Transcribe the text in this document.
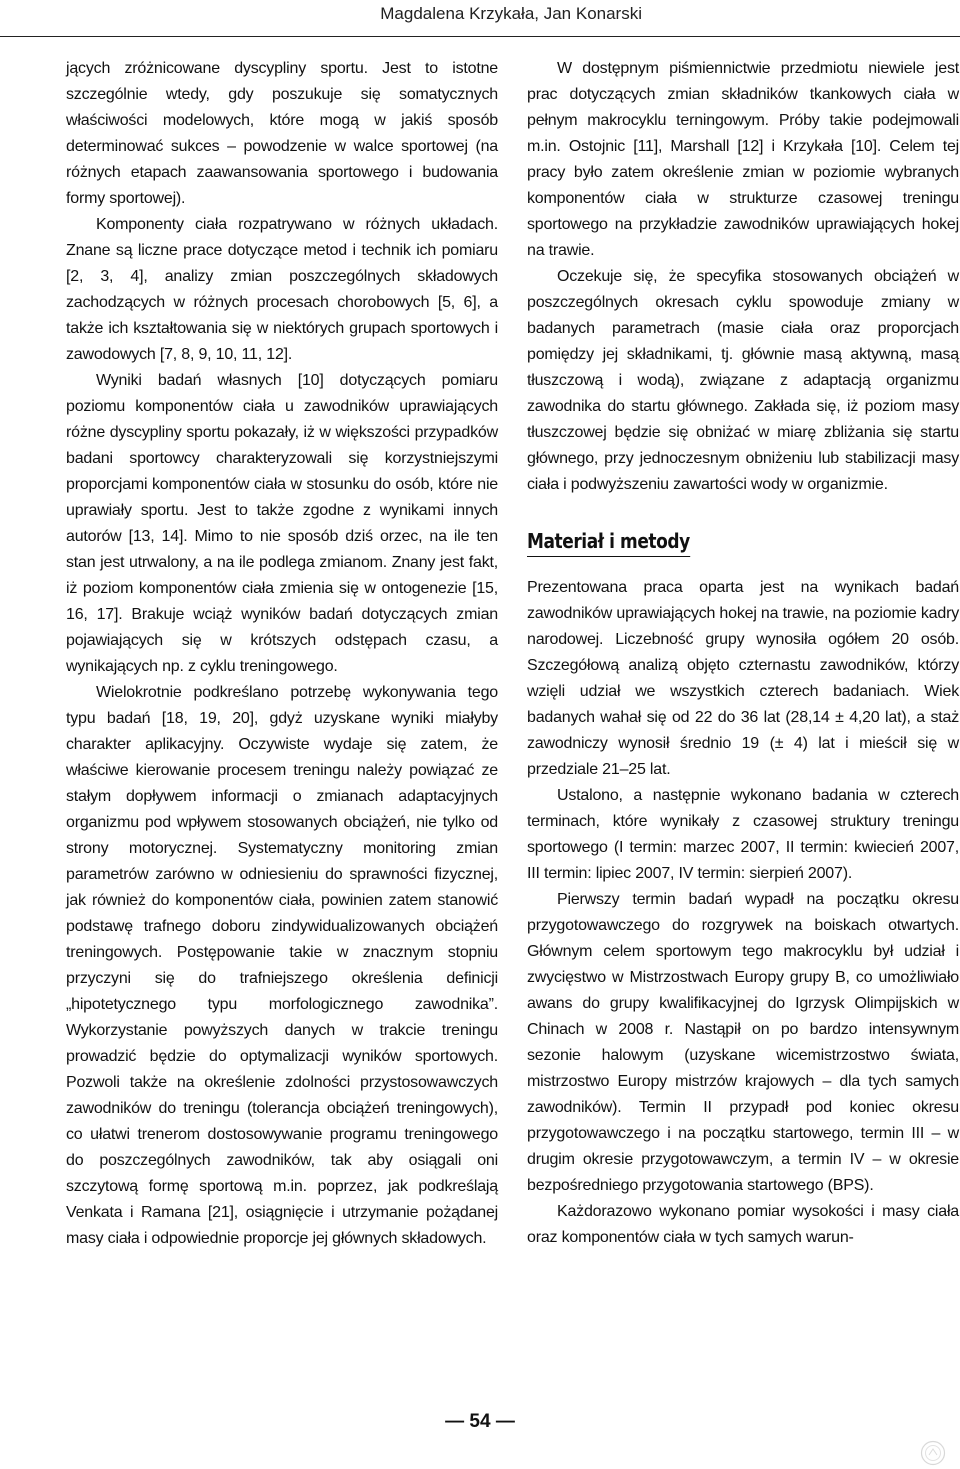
Magdalena Krzykała, Jan Konarski

jących zróżnicowane dyscypliny sportu. Jest to istotne szczególnie wtedy, gdy poszukuje się somatycznych właściwości modelowych, które mogą w jakiś sposób determinować sukces – powodzenie w walce sportowej (na różnych etapach zaawansowania sportowego i budowania formy sportowej).

Komponenty ciała rozpatrywano w różnych układach. Znane są liczne prace dotyczące metod i technik ich pomiaru [2, 3, 4], analizy zmian poszczególnych składowych zachodzących w różnych procesach chorobowych [5, 6], a także ich kształtowania się w niektórych grupach sportowych i zawodowych [7, 8, 9, 10, 11, 12].

Wyniki badań własnych [10] dotyczących pomiaru poziomu komponentów ciała u zawodników uprawiających różne dyscypliny sportu pokazały, iż w większości przypadków badani sportowcy charakteryzowali się korzystniejszymi proporcjami komponentów ciała w stosunku do osób, które nie uprawiały sportu. Jest to także zgodne z wynikami innych autorów [13, 14]. Mimo to nie sposób dziś orzec, na ile ten stan jest utrwalony, a na ile podlega zmianom. Znany jest fakt, iż poziom komponentów ciała zmienia się w ontogenezie [15, 16, 17]. Brakuje wciąż wyników badań dotyczących zmian pojawiających się w krótszych odstępach czasu, a wynikających np. z cyklu treningowego.

Wielokrotnie podkreślano potrzebę wykonywania tego typu badań [18, 19, 20], gdyż uzyskane wyniki miałyby charakter aplikacyjny. Oczywiste wydaje się zatem, że właściwe kierowanie procesem treningu należy powiązać ze stałym dopływem informacji o zmianach adaptacyjnych organizmu pod wpływem stosowanych obciążeń, nie tylko od strony motorycznej. Systematyczny monitoring zmian parametrów zarówno w odniesieniu do sprawności fizycznej, jak również do komponentów ciała, powinien zatem stanowić podstawę trafnego doboru zindywidualizowanych obciążeń treningowych. Postępowanie takie w znacznym stopniu przyczyni się do trafniejszego określenia definicji „hipotetycznego typu morfologicznego zawodnika”. Wykorzystanie powyższych danych w trakcie treningu prowadzić będzie do optymalizacji wyników sportowych. Pozwoli także na określenie zdolności przystosowawczych zawodników do treningu (tolerancja obciążeń treningowych), co ułatwi trenerom dostosowywanie programu treningowego do poszczególnych zawodników, tak aby osiągali oni szczytową formę sportową m.in. poprzez, jak podkreślają Venkata i Ramana [21], osiągnięcie i utrzymanie pożądanej masy ciała i odpowiednie proporcje jej głównych składowych.

W dostępnym piśmiennictwie przedmiotu niewiele jest prac dotyczących zmian składników tkankowych ciała w pełnym makrocyklu terningowym. Próby takie podejmowali m.in. Ostojnic [11], Marshall [12] i Krzykała [10]. Celem tej pracy było zatem określenie zmian w poziomie wybranych komponentów ciała w strukturze czasowej treningu sportowego na przykładzie zawodników uprawiających hokej na trawie.

Oczekuje się, że specyfika stosowanych obciążeń w poszczególnych okresach cyklu spowoduje zmiany w badanych parametrach (masie ciała oraz proporcjach pomiędzy jej składnikami, tj. głównie masą aktywną, masą tłuszczową i wodą), związane z adaptacją organizmu zawodnika do startu głównego. Zakłada się, iż poziom masy tłuszczowej będzie się obniżać w miarę zbliżania się startu głównego, przy jednoczesnym obniżeniu lub stabilizacji masy ciała i podwyższeniu zawartości wody w organizmie.

Materiał i metody

Prezentowana praca oparta jest na wynikach badań zawodników uprawiających hokej na trawie, na poziomie kadry narodowej. Liczebność grupy wynosiła ogółem 20 osób. Szczegółową analizą objęto czternastu zawodników, którzy wzięli udział we wszystkich czterech badaniach. Wiek badanych wahał się od 22 do 36 lat (28,14 ± 4,20 lat), a staż zawodniczy wynosił średnio 19 (± 4) lat i mieścił się w przedziale 21–25 lat.

Ustalono, a następnie wykonano badania w czterech terminach, które wynikały z czasowej struktury treningu sportowego (I termin: marzec 2007, II termin: kwiecień 2007, III termin: lipiec 2007, IV termin: sierpień 2007).

Pierwszy termin badań wypadł na początku okresu przygotowawczego do rozgrywek na boiskach otwartych. Głównym celem sportowym tego makrocyklu był udział i zwycięstwo w Mistrzostwach Europy grupy B, co umożliwiało awans do grupy kwalifikacyjnej do Igrzysk Olimpijskich w Chinach w 2008 r. Nastąpił on po bardzo intensywnym sezonie halowym (uzyskane wicemistrzostwo świata, mistrzostwo Europy mistrzów krajowych – dla tych samych zawodników). Termin II przypadł pod koniec okresu przygotowawczego i na początku startowego, termin III – w drugim okresie przygotowawczym, a termin IV – w okresie bezpośredniego przygotowania startowego (BPS).

Każdorazowo wykonano pomiar wysokości i masy ciała oraz komponentów ciała w tych samych warun-

— 54 —
